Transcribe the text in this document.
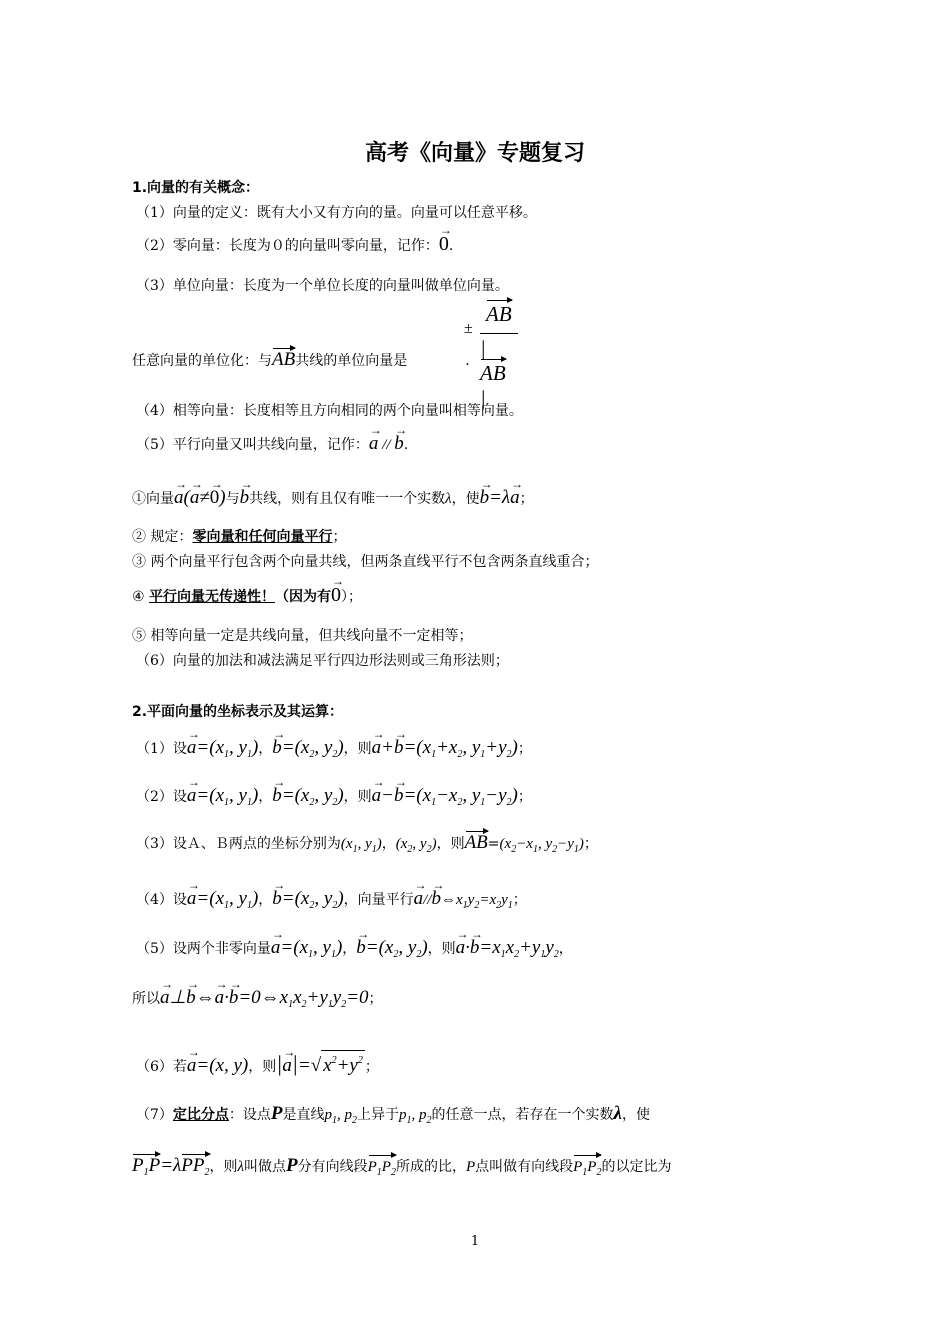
高考《向量》专题复习
1.向量的有关概念：
（1）向量的定义：既有大小又有方向的量。向量可以任意平移。
（2）零向量：长度为０的向量叫零向量，记作：→ 0.
（3）单位向量：长度为一个单位长度的向量叫做单位向量。
±
AB
|AB|
任意向量的单位化：与AB共线的单位向量是	.
（4）相等向量：长度相等且方向相同的两个向量叫相等向量。
（5）平行向量又叫共线向量，记作：→ a // → b.
①向量→ a(→ a≠→ 0)与→ b共线，则有且仅有唯一一个实数λ，使→ b=λ→ a；
② 规定：零向量和任何向量平行；
③ 两个向量平行包含两个向量共线，但两条直线平行不包含两条直线重合；
④ 平行向量无传递性！（因为有→ 0）；
⑤ 相等向量一定是共线向量，但共线向量不一定相等；
（6）向量的加法和减法满足平行四边形法则或三角形法则；
2.平面向量的坐标表示及其运算：
（1）设→ $a=(x_1$, $y_1$)，→ $b=(x_2$, $y_2$)，则→ $a+\to b=(x_1+x_2$, $y_1+y_2$)；
（2）设→ $a=(x_1$, $y_1$)，→ $b=(x_2$, $y_2$)，则→ $a-\to b=(x_1-x_2$, $y_1-y_2$)；
（3）设Ａ、Ｂ两点的坐标分别为($x_1$, $y_1$)，($x_2$, $y_2$)，则$AB=(x_2-x_1$, $y_2-y_1$)；
（4）设→ $a=(x_1$, $y_1$)，→ $b=(x_2$, $y_2$)，向量平行→ $a//\to b\Leftrightarrow x_1y_2=x_2y_1$；
（5）设两个非零向量→ $a=(x_1$, $y_1$)，→ $b=(x_2$, $y_2$)，则→ $a\cdot\to b=x_1x_2+y_1y_2$，
所以→ a⊥→ b⇔→ $a\cdot\to b=0\Leftrightarrow x_1x_2+y_1y_2=0$；
（6）若→ a=(x, y)，则|→ a|=√ $x^2+y^2$ ；
（7）定比分点：设点P是直线$p_1$, $p_2$上异于$p_1$, $p_2$的任意一点，若存在一个实数λ，使
$P_1P=\lambda PP_2$，则λ叫做点P分有向线段$P_1P_2$所成的比，P点叫做有向线段$P_1P_2$的以定比为
1
